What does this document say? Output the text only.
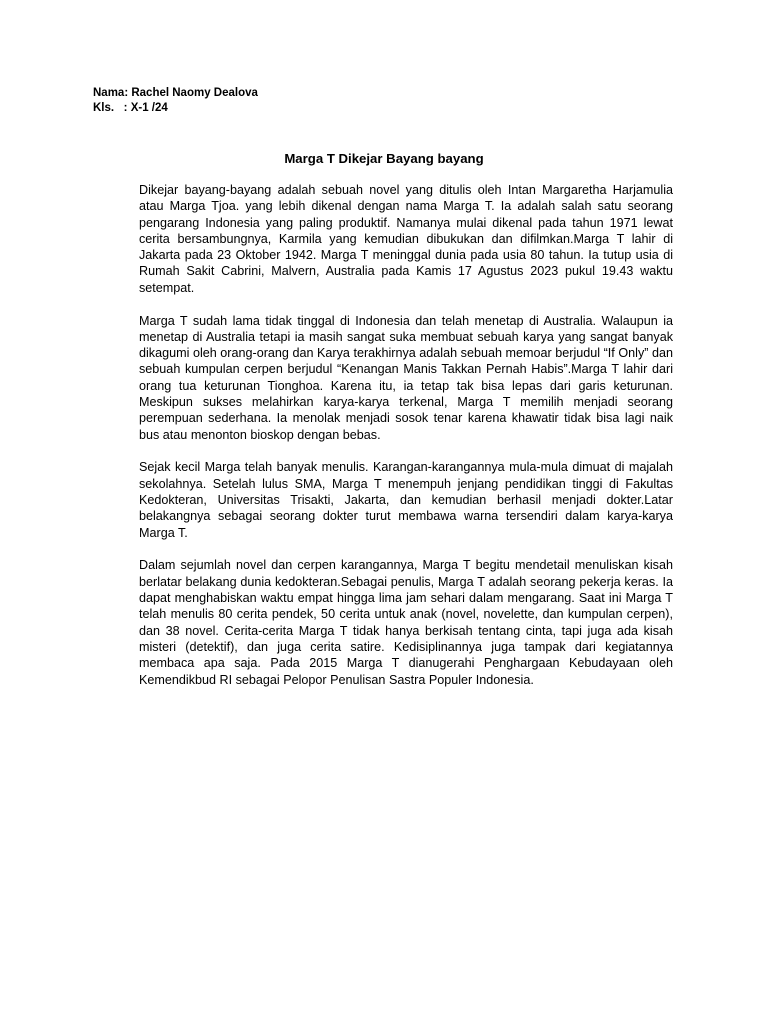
Nama: Rachel Naomy Dealova
Kls.   : X-1 /24
Marga T Dikejar Bayang bayang

Dikejar bayang-bayang adalah sebuah novel yang ditulis oleh Intan Margaretha Harjamulia atau Marga Tjoa. yang lebih dikenal dengan nama Marga T. Ia adalah salah satu seorang pengarang Indonesia yang paling produktif. Namanya mulai dikenal pada tahun 1971 lewat cerita bersambungnya, Karmila yang kemudian dibukukan dan difilmkan.Marga T lahir di Jakarta pada 23 Oktober 1942. Marga T meninggal dunia pada usia 80 tahun. Ia tutup usia di Rumah Sakit Cabrini, Malvern, Australia pada Kamis 17 Agustus 2023 pukul 19.43 waktu setempat.

Marga T sudah lama tidak tinggal di Indonesia dan telah menetap di Australia. Walaupun ia menetap di Australia tetapi ia masih sangat suka membuat sebuah karya yang sangat banyak dikagumi oleh orang-orang dan Karya terakhirnya adalah sebuah memoar berjudul “If Only” dan sebuah kumpulan cerpen berjudul “Kenangan Manis Takkan Pernah Habis”.Marga T lahir dari orang tua keturunan Tionghoa. Karena itu, ia tetap tak bisa lepas dari garis keturunan. Meskipun sukses melahirkan karya-karya terkenal, Marga T memilih menjadi seorang perempuan sederhana. Ia menolak menjadi sosok tenar karena khawatir tidak bisa lagi naik bus atau menonton bioskop dengan bebas.

Sejak kecil Marga telah banyak menulis. Karangan-karangannya mula-mula dimuat di majalah sekolahnya. Setelah lulus SMA, Marga T menempuh jenjang pendidikan tinggi di Fakultas Kedokteran, Universitas Trisakti, Jakarta, dan kemudian berhasil menjadi dokter.Latar belakangnya sebagai seorang dokter turut membawa warna tersendiri dalam karya-karya Marga T.

Dalam sejumlah novel dan cerpen karangannya, Marga T begitu mendetail menuliskan kisah berlatar belakang dunia kedokteran.Sebagai penulis, Marga T adalah seorang pekerja keras. Ia dapat menghabiskan waktu empat hingga lima jam sehari dalam mengarang. Saat ini Marga T telah menulis 80 cerita pendek, 50 cerita untuk anak (novel, novelette, dan kumpulan cerpen), dan 38 novel. Cerita-cerita Marga T tidak hanya berkisah tentang cinta, tapi juga ada kisah misteri (detektif), dan juga cerita satire. Kedisiplinannya juga tampak dari kegiatannya membaca apa saja. Pada 2015 Marga T dianugerahi Penghargaan Kebudayaan oleh Kemendikbud RI sebagai Pelopor Penulisan Sastra Populer Indonesia.
